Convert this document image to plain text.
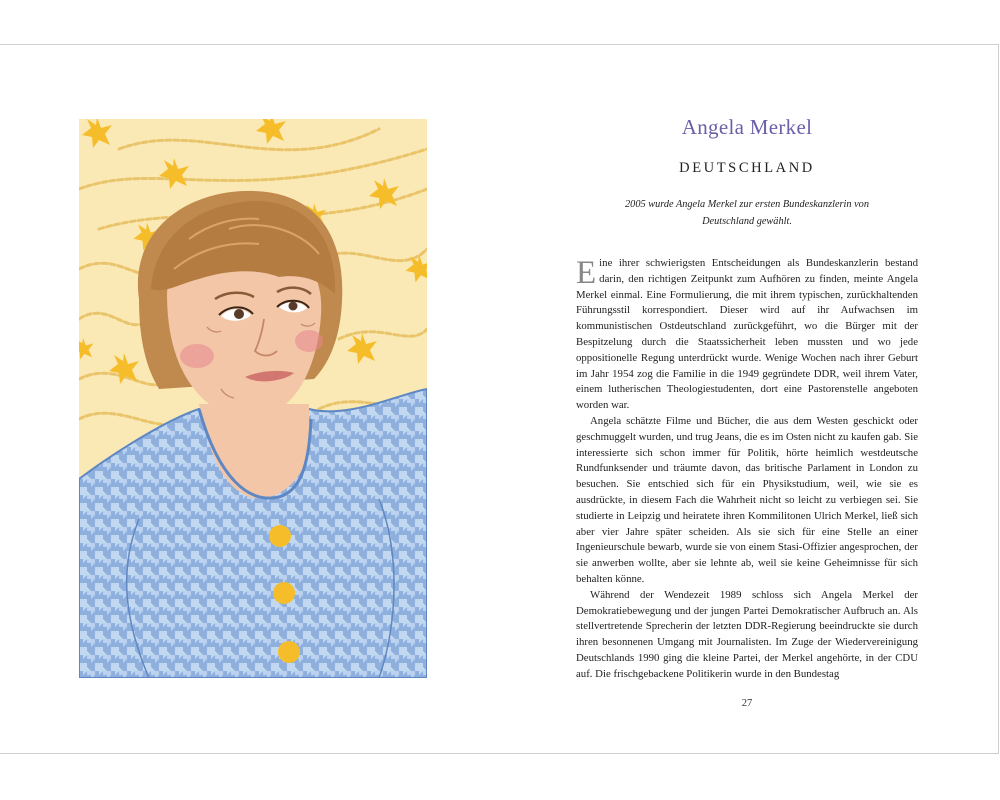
Angela Merkel
DEUTSCHLAND
2005 wurde Angela Merkel zur ersten Bundeskanzlerin von Deutschland gewählt.

Eine ihrer schwierigsten Entscheidungen als Bundeskanzlerin bestand darin, den richtigen Zeitpunkt zum Aufhören zu finden, meinte Angela Merkel einmal. Eine Formulierung, die mit ihrem typischen, zurückhaltenden Führungsstil korrespondiert. Dieser wird auf ihr Aufwachsen im kommunistischen Ostdeutschland zurückgeführt, wo die Bürger mit der Bespitzelung durch die Staatssicherheit leben mussten und wo jede oppositionelle Regung unterdrückt wurde. Wenige Wochen nach ihrer Geburt im Jahr 1954 zog die Familie in die 1949 gegründete DDR, weil ihrem Vater, einem lutherischen Theologiestudenten, dort eine Pastorenstelle angeboten worden war.

Angela schätzte Filme und Bücher, die aus dem Westen geschickt oder geschmuggelt wurden, und trug Jeans, die es im Osten nicht zu kaufen gab. Sie interessierte sich schon immer für Politik, hörte heimlich westdeutsche Rundfunksender und träumte davon, das britische Parlament in London zu besuchen. Sie entschied sich für ein Physikstudium, weil, wie sie es ausdrückte, in diesem Fach die Wahrheit nicht so leicht zu verbiegen sei. Sie studierte in Leipzig und heiratete ihren Kommilitonen Ulrich Merkel, ließ sich aber vier Jahre später scheiden. Als sie sich für eine Stelle an einer Ingenieurschule bewarb, wurde sie von einem Stasi-Offizier angesprochen, der sie anwerben wollte, aber sie lehnte ab, weil sie keine Geheimnisse für sich behalten könne.

Während der Wendezeit 1989 schloss sich Angela Merkel der Demokratiebewegung und der jungen Partei Demokratischer Aufbruch an. Als stellvertretende Sprecherin der letzten DDR-Regierung beeindruckte sie durch ihren besonnenen Umgang mit Journalisten. Im Zuge der Wiedervereinigung Deutschlands 1990 ging die kleine Partei, der Merkel angehörte, in der CDU auf. Die frischgebackene Politikerin wurde in den Bundestag

27
